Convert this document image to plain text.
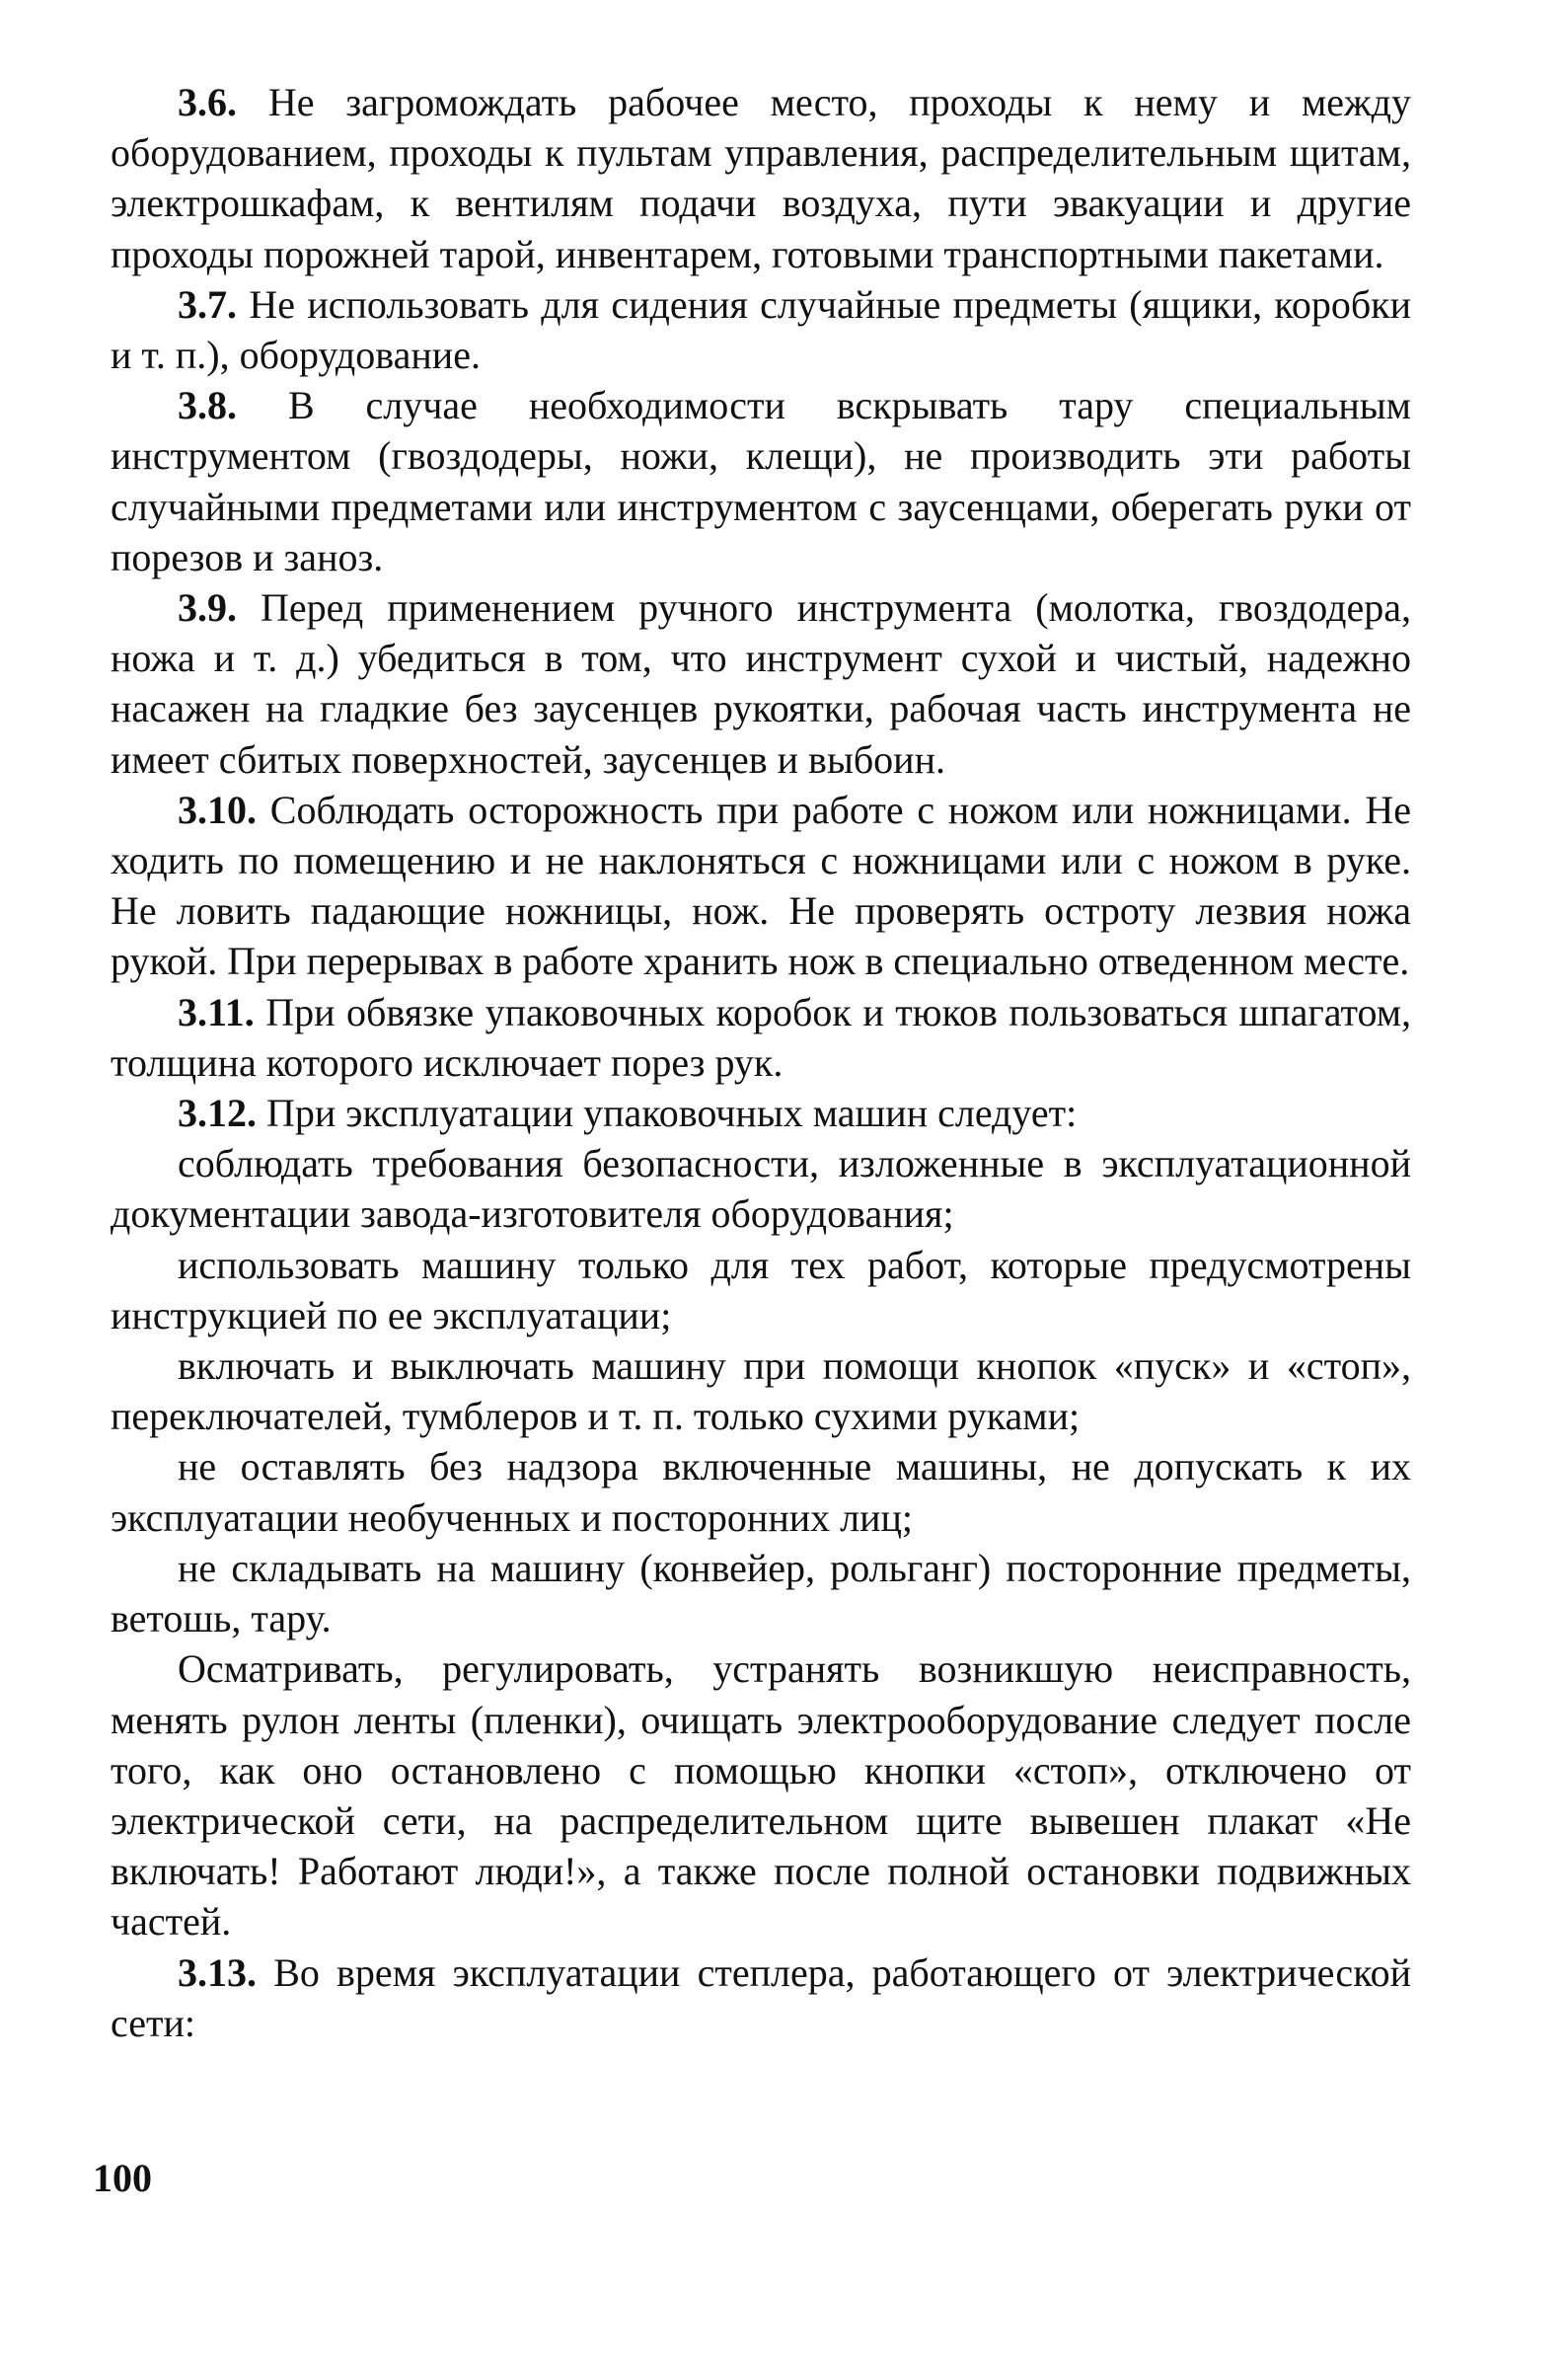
3.6. Не загромождать рабочее место, проходы к нему и между оборудованием, проходы к пультам управления, распределительным щитам, электрошкафам, к вентилям подачи воздуха, пути эвакуации и другие проходы порожней тарой, инвентарем, готовыми транспортными пакетами.

3.7. Не использовать для сидения случайные предметы (ящики, коробки и т. п.), оборудование.

3.8. В случае необходимости вскрывать тару специальным инструментом (гвоздодеры, ножи, клещи), не производить эти работы случайными предметами или инструментом с заусенцами, оберегать руки от порезов и заноз.

3.9. Перед применением ручного инструмента (молотка, гвоздодера, ножа и т. д.) убедиться в том, что инструмент сухой и чистый, надежно насажен на гладкие без заусенцев рукоятки, рабочая часть инструмента не имеет сбитых поверхностей, заусенцев и выбоин.

3.10. Соблюдать осторожность при работе с ножом или ножницами. Не ходить по помещению и не наклоняться с ножницами или с ножом в руке. Не ловить падающие ножницы, нож. Не проверять остроту лезвия ножа рукой. При перерывах в работе хранить нож в специально отведенном месте.

3.11. При обвязке упаковочных коробок и тюков пользоваться шпагатом, толщина которого исключает порез рук.

3.12. При эксплуатации упаковочных машин следует:

соблюдать требования безопасности, изложенные в эксплуатационной документации завода-изготовителя оборудования;

использовать машину только для тех работ, которые предусмотрены инструкцией по ее эксплуатации;

включать и выключать машину при помощи кнопок «пуск» и «стоп», переключателей, тумблеров и т. п. только сухими руками;

не оставлять без надзора включенные машины, не допускать к их эксплуатации необученных и посторонних лиц;

не складывать на машину (конвейер, рольганг) посторонние предметы, ветошь, тару.

Осматривать, регулировать, устранять возникшую неисправность, менять рулон ленты (пленки), очищать электрооборудование следует после того, как оно остановлено с помощью кнопки «стоп», отключено от электрической сети, на распределительном щите вывешен плакат «Не включать! Работают люди!», а также после полной остановки подвижных частей.

3.13. Во время эксплуатации степлера, работающего от электрической сети:

100
